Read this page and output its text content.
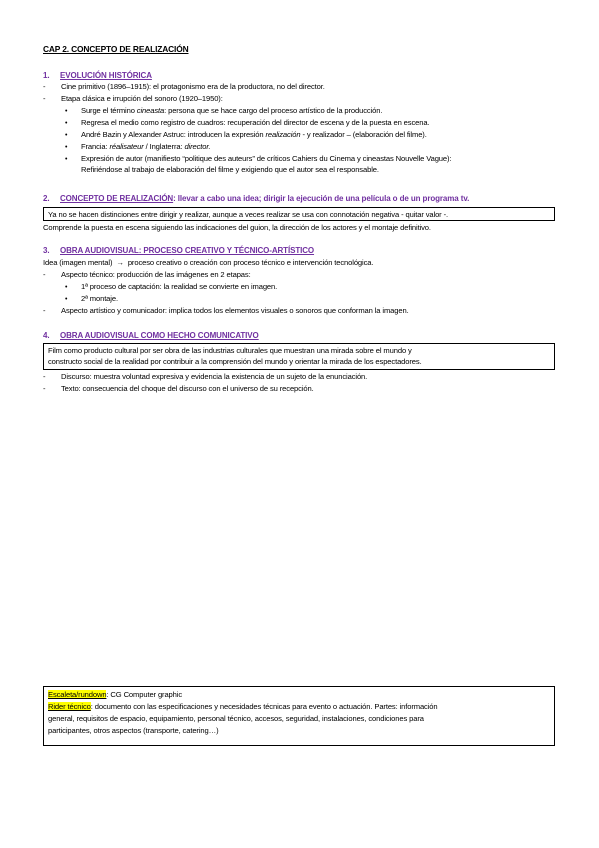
CAP 2. CONCEPTO DE REALIZACIÓN
1. EVOLUCIÓN HISTÓRICA
- Cine primitivo (1896–1915): el protagonismo era de la productora, no del director.
- Etapa clásica e irrupción del sonoro (1920–1950):
• Surge el término cineasta: persona que se hace cargo del proceso artístico de la producción.
• Regresa el medio como registro de cuadros: recuperación del director de escena y de la puesta en escena.
• André Bazin y Alexander Astruc: introducen la expresión realización - y realizador – (elaboración del filme).
• Francia: réalisateur / Inglaterra: director.
• Expresión de autor (manifiesto “politique des auteurs” de críticos Cahiers du Cinema y cineastas Nouvelle Vague):
Refiriéndose al trabajo de elaboración del filme y exigiendo que el autor sea el responsable.
2. CONCEPTO DE REALIZACIÓN: llevar a cabo una idea; dirigir la ejecución de una película o de un programa tv.
Ya no se hacen distinciones entre dirigir y realizar, aunque a veces realizar se usa con connotación negativa - quitar valor -.
Comprende la puesta en escena siguiendo las indicaciones del guion, la dirección de los actores y el montaje definitivo.
3. OBRA AUDIOVISUAL: PROCESO CREATIVO Y TÉCNICO-ARTÍSTICO
Idea (imagen mental) → proceso creativo o creación con proceso técnico e intervención tecnológica.
- Aspecto técnico: producción de las imágenes en 2 etapas:
• 1ª proceso de captación: la realidad se convierte en imagen.
• 2ª montaje.
- Aspecto artístico y comunicador: implica todos los elementos visuales o sonoros que conforman la imagen.
4. OBRA AUDIOVISUAL COMO HECHO COMUNICATIVO
Film como producto cultural por ser obra de las industrias culturales que muestran una mirada sobre el mundo y
constructo social de la realidad por contribuir a la comprensión del mundo y orientar la mirada de los espectadores.
- Discurso: muestra voluntad expresiva y evidencia la existencia de un sujeto de la enunciación.
- Texto: consecuencia del choque del discurso con el universo de su recepción.
Escaleta/rundown: CG Computer graphic
Rider técnico: documento con las especificaciones y necesidades técnicas para evento o actuación. Partes: información
general, requisitos de espacio, equipamiento, personal técnico, accesos, seguridad, instalaciones, condiciones para
participantes, otros aspectos (transporte, catering…)
